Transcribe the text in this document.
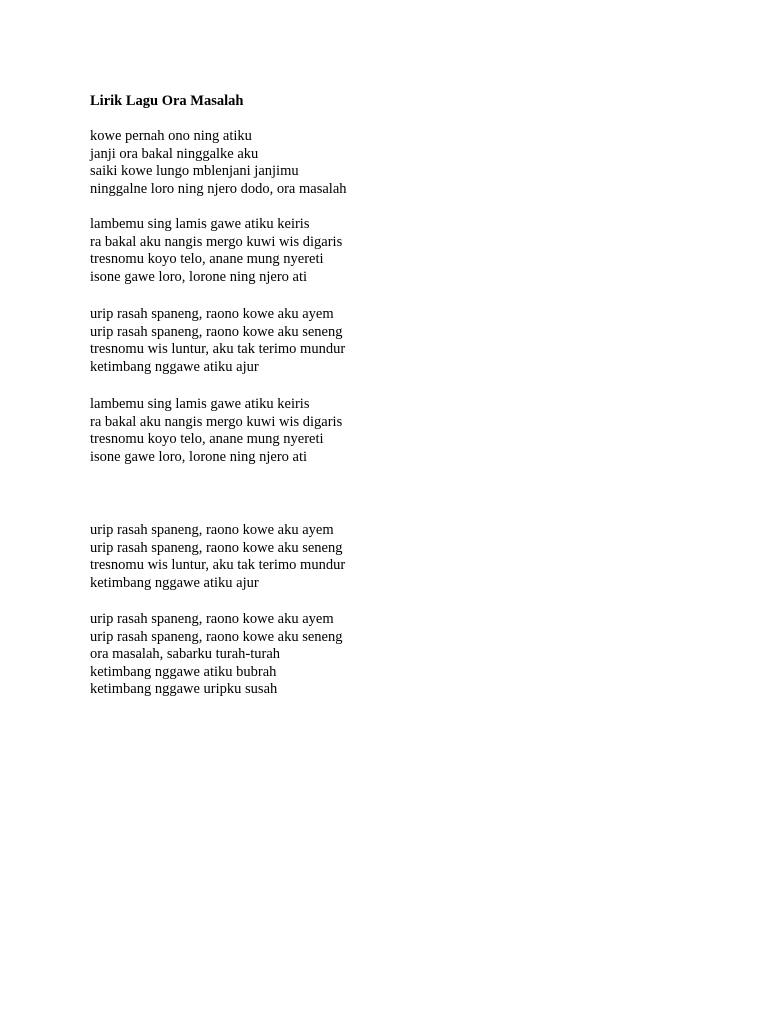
Lirik Lagu Ora Masalah
kowe pernah ono ning atiku
janji ora bakal ninggalke aku
saiki kowe lungo mblenjani janjimu
ninggalne loro ning njero dodo, ora masalah
lambemu sing lamis gawe atiku keiris
ra bakal aku nangis mergo kuwi wis digaris
tresnomu koyo telo, anane mung nyereti
isone gawe loro, lorone ning njero ati
urip rasah spaneng, raono kowe aku ayem
urip rasah spaneng, raono kowe aku seneng
tresnomu wis luntur, aku tak terimo mundur
ketimbang nggawe atiku ajur
lambemu sing lamis gawe atiku keiris
ra bakal aku nangis mergo kuwi wis digaris
tresnomu koyo telo, anane mung nyereti
isone gawe loro, lorone ning njero ati
urip rasah spaneng, raono kowe aku ayem
urip rasah spaneng, raono kowe aku seneng
tresnomu wis luntur, aku tak terimo mundur
ketimbang nggawe atiku ajur
urip rasah spaneng, raono kowe aku ayem
urip rasah spaneng, raono kowe aku seneng
ora masalah, sabarku turah-turah
ketimbang nggawe atiku bubrah
ketimbang nggawe uripku susah
